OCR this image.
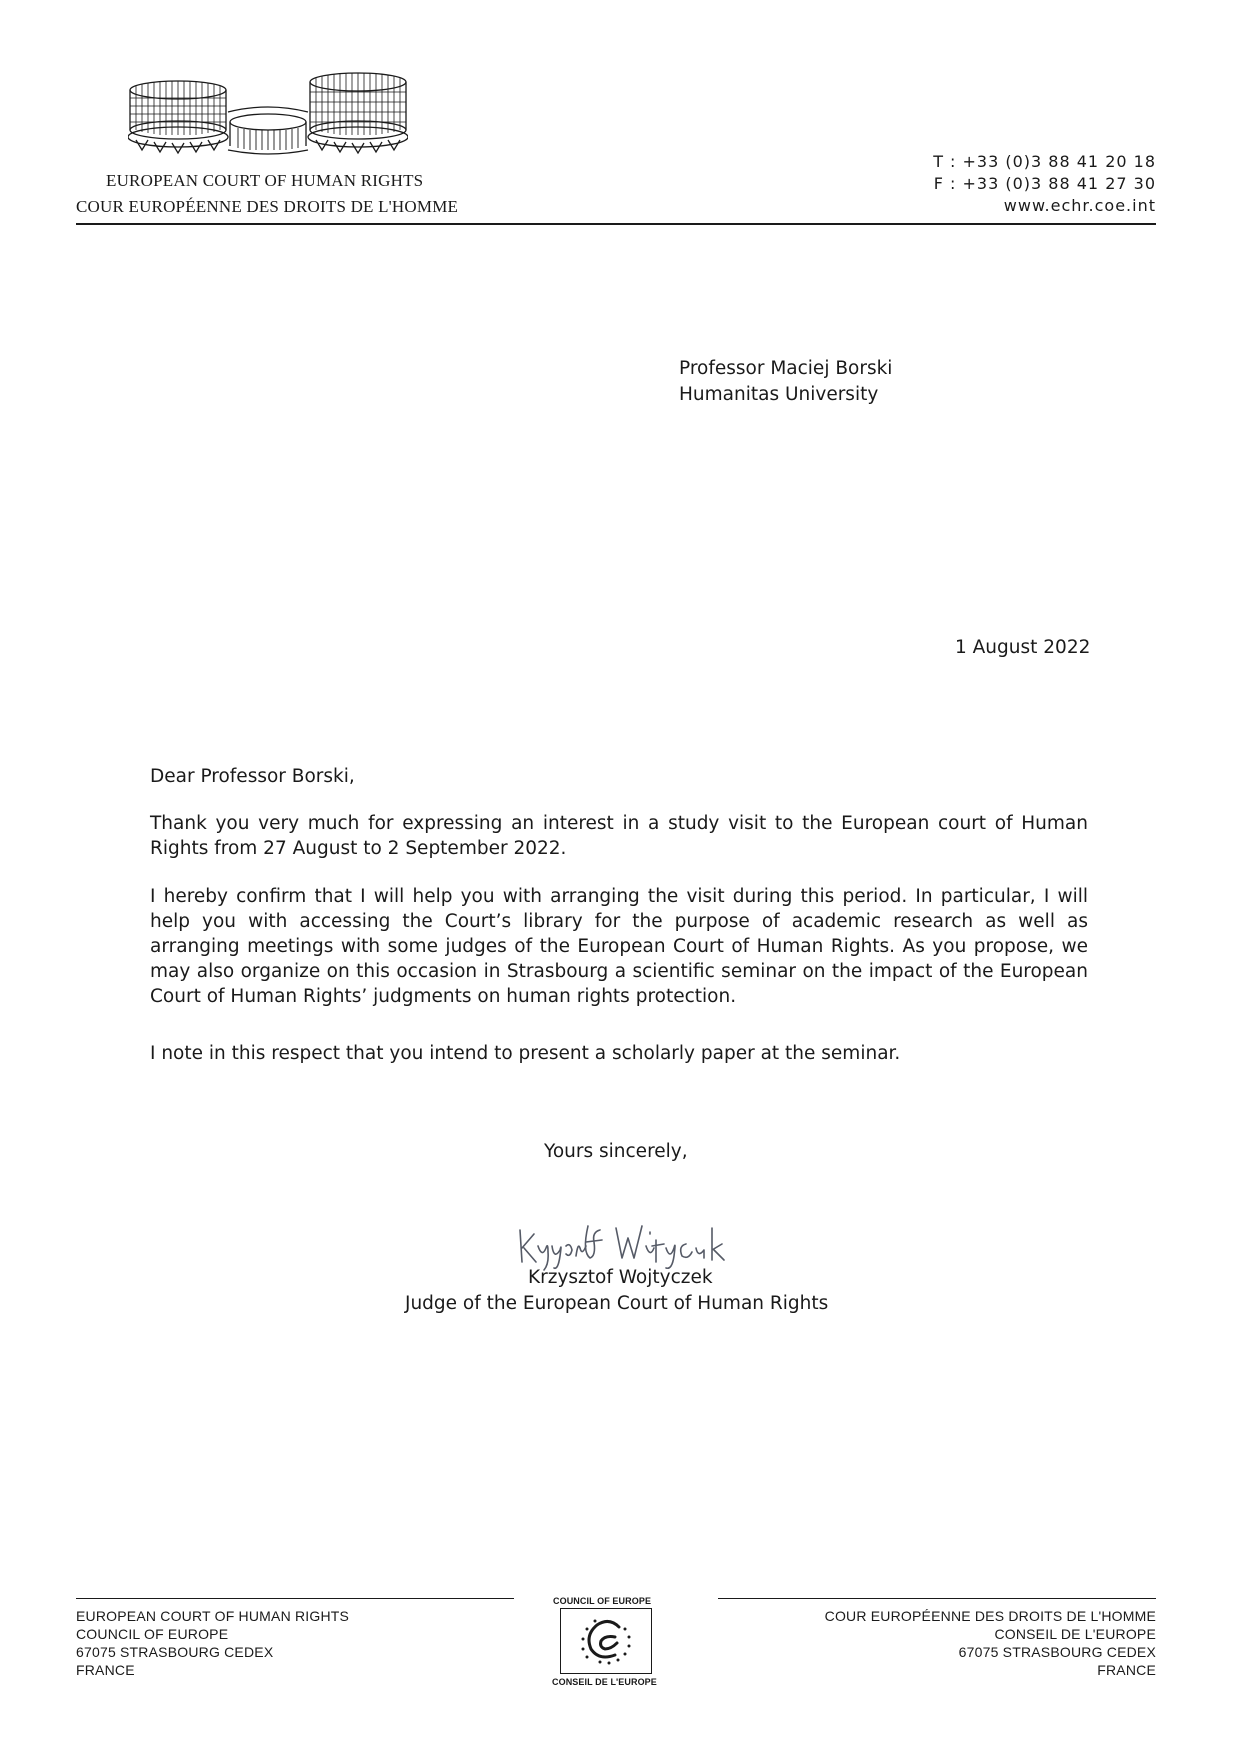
EUROPEAN COURT OF HUMAN RIGHTS
COUR EUROPÉENNE DES DROITS DE L'HOMME
T : +33 (0)3 88 41 20 18
F : +33 (0)3 88 41 27 30
www.echr.coe.int
Professor Maciej Borski
Humanitas University
1 August 2022
Dear Professor Borski,
Thank you very much for expressing an interest in a study visit to the European court of Human Rights from 27 August to 2 September 2022.
I hereby confirm that I will help you with arranging the visit during this period. In particular, I will help you with accessing the Court’s library for the purpose of academic research as well as arranging meetings with some judges of the European Court of Human Rights. As you propose, we may also organize on this occasion in Strasbourg a scientific seminar on the impact of the European Court of Human Rights’ judgments on human rights protection.
I note in this respect that you intend to present a scholarly paper at the seminar.
Yours sincerely,
Krzysztof Wojtyczek
Judge of the European Court of Human Rights
EUROPEAN COURT OF HUMAN RIGHTS
COUNCIL OF EUROPE
67075 STRASBOURG CEDEX
FRANCE
COUR EUROPÉENNE DES DROITS DE L'HOMME
CONSEIL DE L'EUROPE
67075 STRASBOURG CEDEX
FRANCE
COUNCIL OF EUROPE
CONSEIL DE L'EUROPE
